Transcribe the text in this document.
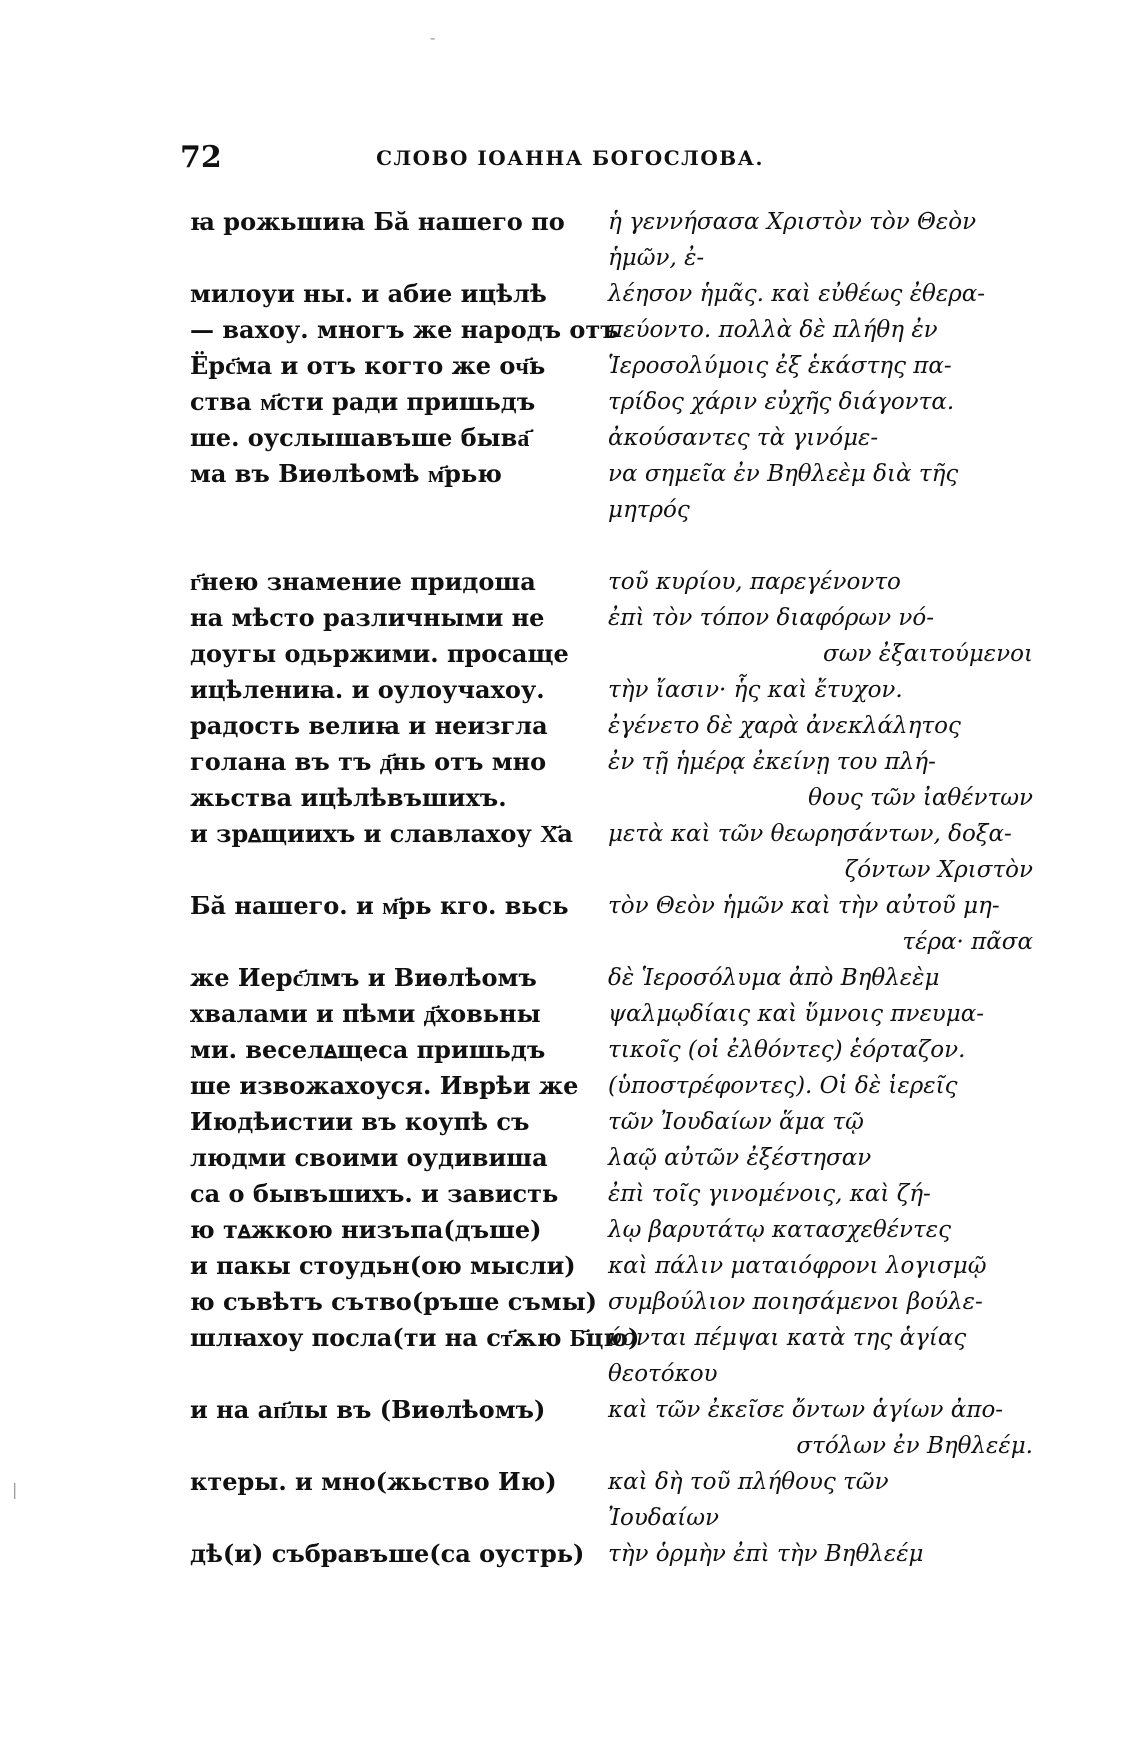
72	СЛОВО ІОАННА БОГОСЛОВА.
ꙗ рожьшиꙗ Бӑ нашего по
милоуи ны. и абие ицѣлѣ
— вахоу. многъ же народъ отъ
Ёрс҃ма и отъ когто же оч҃ь
ства м҃сти ради пришьдъ
ше. оуслышавъше быва҃
ма въ Виѳлѣомѣ м҃рью
г҃нею знамение придоша
на мѣсто различными не
доугы одьржими. просаще
ицѣлениꙗ. и оулоучахоу.
радость велиꙗ и неизгла
голана въ тъ д҃нь отъ мно
жьства ицѣлѣвъшихъ.
и зрꙙщиихъ и славлахоу Х҃а
Бӑ нашего. и м҃рь кго. вьсь
же Иерс҃лмъ и Виѳлѣомъ
хвалами и пѣми д҃ховьны
ми. веселꙙщеса пришьдъ
ше извожахоуся. Иврѣи же
Июдѣистии въ коупѣ съ
людми своими оудивиша
са о бывъшихъ. и зависть
ю тꙙжкою низъпа(дъше)
и пакы стоудьн(ою мысли)
ю съвѣтъ сътво(ръше съмы)
шлꙗхоу посла(ти на ст҃ѫю Б҃цю)
и на ап҃лы въ (Виѳлѣомъ)
ктеры. и мно(жьство Ию)
дѣ(и) събравъше(са оустрь)
ἡ γεννήσασα Χριστὸν τὸν Θεὸν
ἡμῶν, ἐ-
λέησον ἡμᾶς. καὶ εὐθέως ἐθερα-
πεύοντο. πολλὰ δὲ πλήθη ἐν
Ἱεροσολύμοις ἐξ ἑκάστης πα-
τρίδος χάριν εὐχῆς διάγοντα.
ἀκούσαντες τὰ γινόμε-
να σημεῖα ἐν Βηθλεὲμ διὰ τῆς
μητρός
τοῦ κυρίου, παρεγένοντο
ἐπὶ τὸν τόπον διαφόρων νό-
σων ἐξαιτούμενοι
τὴν ἴασιν· ἧς καὶ ἔτυχον.
ἐγένετο δὲ χαρὰ ἀνεκλάλητος
ἐν τῇ ἡμέρᾳ ἐκείνῃ του πλή-
θους τῶν ἰαθέντων
μετὰ καὶ τῶν θεωρησάντων, δοξα-
ζόντων Χριστὸν
τὸν Θεὸν ἡμῶν καὶ τὴν αὐτοῦ μη-
τέρα· πᾶσα
δὲ Ἱεροσόλυμα ἀπὸ Βηθλεὲμ
ψαλμῳδίαις καὶ ὕμνοις πνευμα-
τικοῖς (οἱ ἐλθόντες) ἑόρταζον.
(ὑποστρέφοντες). Οἱ δὲ ἱερεῖς
τῶν Ἰουδαίων ἅμα τῷ
λαῷ αὐτῶν ἐξέστησαν
ἐπὶ τοῖς γινομένοις, καὶ ζή-
λῳ βαρυτάτῳ κατασχεθέντες
καὶ πάλιν ματαιόφρονι λογισμῷ
συμβούλιον ποιησάμενοι βούλε-
ύονται πέμψαι κατὰ της ἁγίας
θεοτόκου
καὶ τῶν ἐκεῖσε ὄντων ἁγίων ἀπο-
στόλων ἐν Βηθλεέμ.
καὶ δὴ τοῦ πλήθους τῶν
Ἰουδαίων
τὴν ὁρμὴν ἐπὶ τὴν Βηθλεέμ
-
|
